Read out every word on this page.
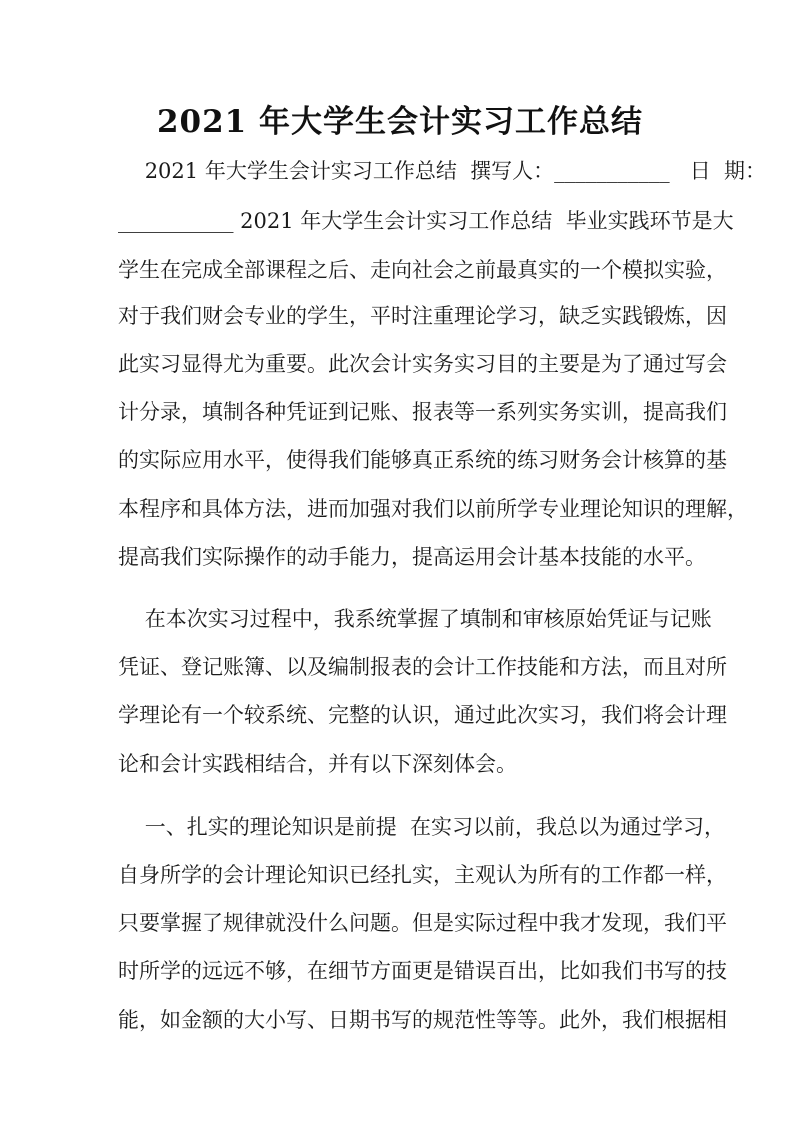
2021 年大学生会计实习工作总结
2021 年大学生会计实习工作总结  撰写人：___________   日  期：
___________ 2021 年大学生会计实习工作总结  毕业实践环节是大
学生在完成全部课程之后、走向社会之前最真实的一个模拟实验，
对于我们财会专业的学生，平时注重理论学习，缺乏实践锻炼，因
此实习显得尤为重要。此次会计实务实习目的主要是为了通过写会
计分录，填制各种凭证到记账、报表等一系列实务实训，提高我们
的实际应用水平，使得我们能够真正系统的练习财务会计核算的基
本程序和具体方法，进而加强对我们以前所学专业理论知识的理解，
提高我们实际操作的动手能力，提高运用会计基本技能的水平。
在本次实习过程中，我系统掌握了填制和审核原始凭证与记账
凭证、登记账簿、以及编制报表的会计工作技能和方法，而且对所
学理论有一个较系统、完整的认识，通过此次实习，我们将会计理
论和会计实践相结合，并有以下深刻体会。
一、扎实的理论知识是前提  在实习以前，我总以为通过学习，
自身所学的会计理论知识已经扎实，主观认为所有的工作都一样，
只要掌握了规律就没什么问题。但是实际过程中我才发现，我们平
时所学的远远不够，在细节方面更是错误百出，比如我们书写的技
能，如金额的大小写、日期书写的规范性等等。此外，我们根据相
